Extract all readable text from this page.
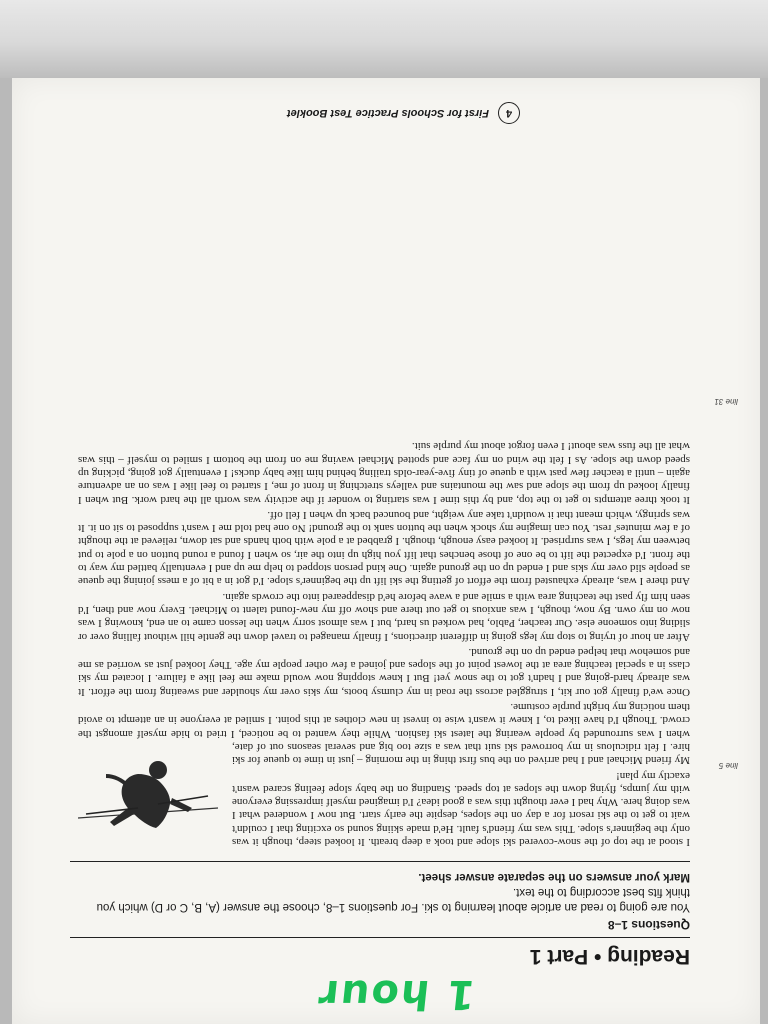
1 hour
Reading • Part 1
Questions 1–8
You are going to read an article about learning to ski. For questions 1–8, choose the answer (A, B, C or D) which you think fits best according to the text.
Mark your answers on the separate answer sheet.
line 5
line 31

I stood at the top of the snow-covered ski slope and took a deep breath. It looked steep, though it was only the beginner's slope. This was my friend's fault. He'd made skiing sound so exciting that I couldn't wait to get to the ski resort for a day on the slopes, despite the early start. But now I wondered what I was doing here. Why had I ever thought this was a good idea? I'd imagined myself impressing everyone with my jumps, flying down the slopes at top speed. Standing on the baby slope feeling scared wasn't exactly my plan!

My friend Michael and I had arrived on the bus first thing in the morning – just in time to queue for ski hire. I felt ridiculous in my borrowed ski suit that was a size too big and several seasons out of date, when I was surrounded by people wearing the latest ski fashion. While they wanted to be noticed, I tried to hide myself amongst the crowd. Though I'd have liked to, I knew it wasn't wise to invest in new clothes at this point. I smiled at everyone in an attempt to avoid them noticing my bright purple costume.

Once we'd finally got our kit, I struggled across the road in my clumsy boots, my skis over my shoulder and sweating from the effort. It was already hard-going and I hadn't got to the snow yet! But I knew stopping now would make me feel like a failure. I located my ski class in a special teaching area at the lowest point of the slopes and joined a few other people my age. They looked just as worried as me and somehow that helped ended up on the ground.

After an hour of trying to stop my legs going in different directions, I finally managed to travel down the gentle hill without falling over or sliding into someone else. Our teacher, Pablo, had worked us hard, but I was almost sorry when the lesson came to an end, knowing I was now on my own. By now, though, I was anxious to get out there and show off my new-found talent to Michael. Every now and then, I'd seen him fly past the teaching area with a smile and a wave before he'd disappeared into the crowds again.

And there I was, already exhausted from the effort of getting the ski lift up the beginner's slope. I'd got in a bit of a mess joining the queue as people slid over my skis and I ended up on the ground again. One kind person stopped to help me up and I eventually battled my way to the front. I'd expected the lift to be one of those benches that lift you high up into the air, so when I found a round button on a pole to put between my legs, I was surprised. It looked easy enough, though. I grabbed at a pole with both hands and sat down, relieved at the thought of a few minutes' rest. You can imagine my shock when the button sank to the ground! No one had told me I wasn't supposed to sit on it. It was springy, which meant that it wouldn't take any weight, and bounced back up when I fell off.

It took three attempts to get to the top, and by this time I was starting to wonder if the activity was worth all the hard work. But when I finally looked up from the slope and saw the mountains and valleys stretching in front of me, I started to feel like I was on an adventure again – until a teacher flew past with a queue of tiny five-year-olds trailing behind him like baby ducks! I eventually got going, picking up speed down the slope. As I felt the wind on my face and spotted Michael waving me on from the bottom I smiled to myself – this was what all the fuss was about! I even forgot about my purple suit.

4 First for Schools Practice Test Booklet
